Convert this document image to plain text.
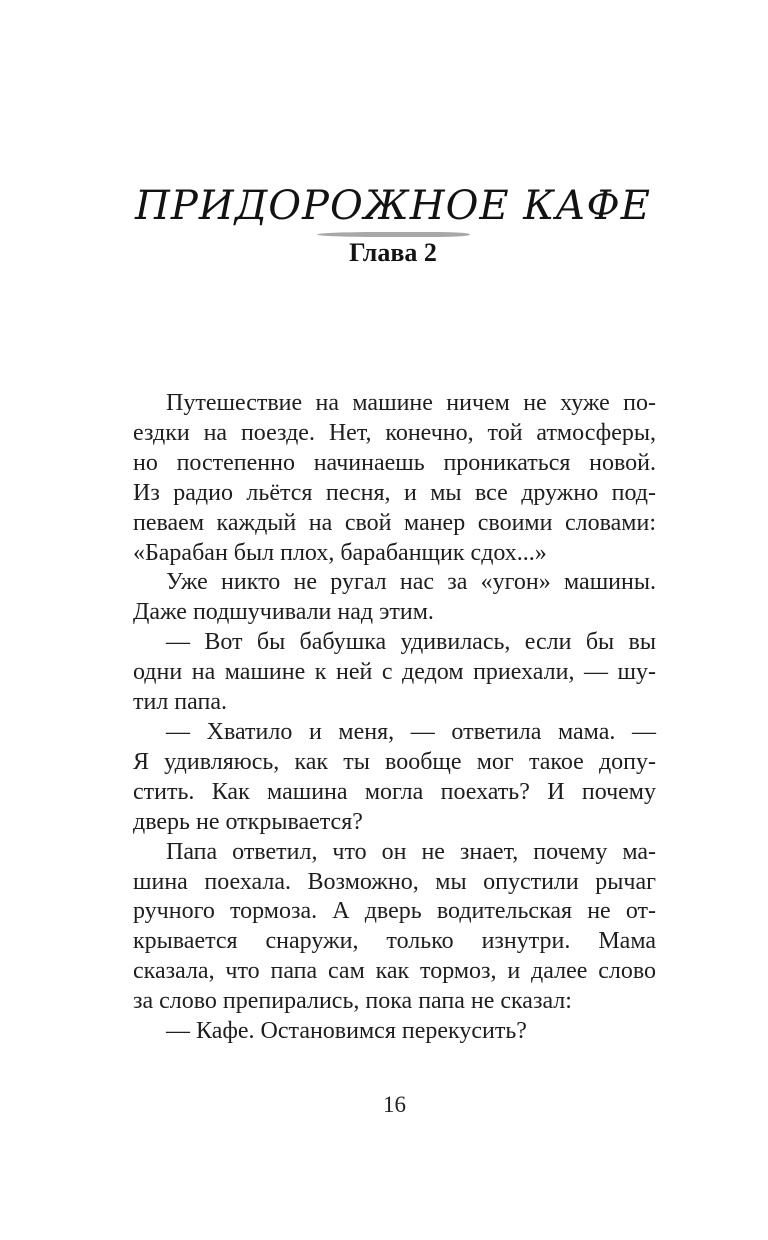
ПРИДОРОЖНОЕ КАФЕ
Глава 2
Путешествие на машине ничем не хуже по-
ездки на поезде. Нет, конечно, той атмосферы,
но постепенно начинаешь проникаться новой.
Из радио льётся песня, и мы все дружно под-
певаем каждый на свой манер своими словами:
«Барабан был плох, барабанщик сдох...»
Уже никто не ругал нас за «угон» машины.
Даже подшучивали над этим.
— Вот бы бабушка удивилась, если бы вы
одни на машине к ней с дедом приехали, — шу-
тил папа.
— Хватило и меня, — ответила мама. —
Я удивляюсь, как ты вообще мог такое допу-
стить. Как машина могла поехать? И почему
дверь не открывается?
Папа ответил, что он не знает, почему ма-
шина поехала. Возможно, мы опустили рычаг
ручного тормоза. А дверь водительская не от-
крывается снаружи, только изнутри. Мама
сказала, что папа сам как тормоз, и далее слово
за слово препирались, пока папа не сказал:
— Кафе. Остановимся перекусить?
16
